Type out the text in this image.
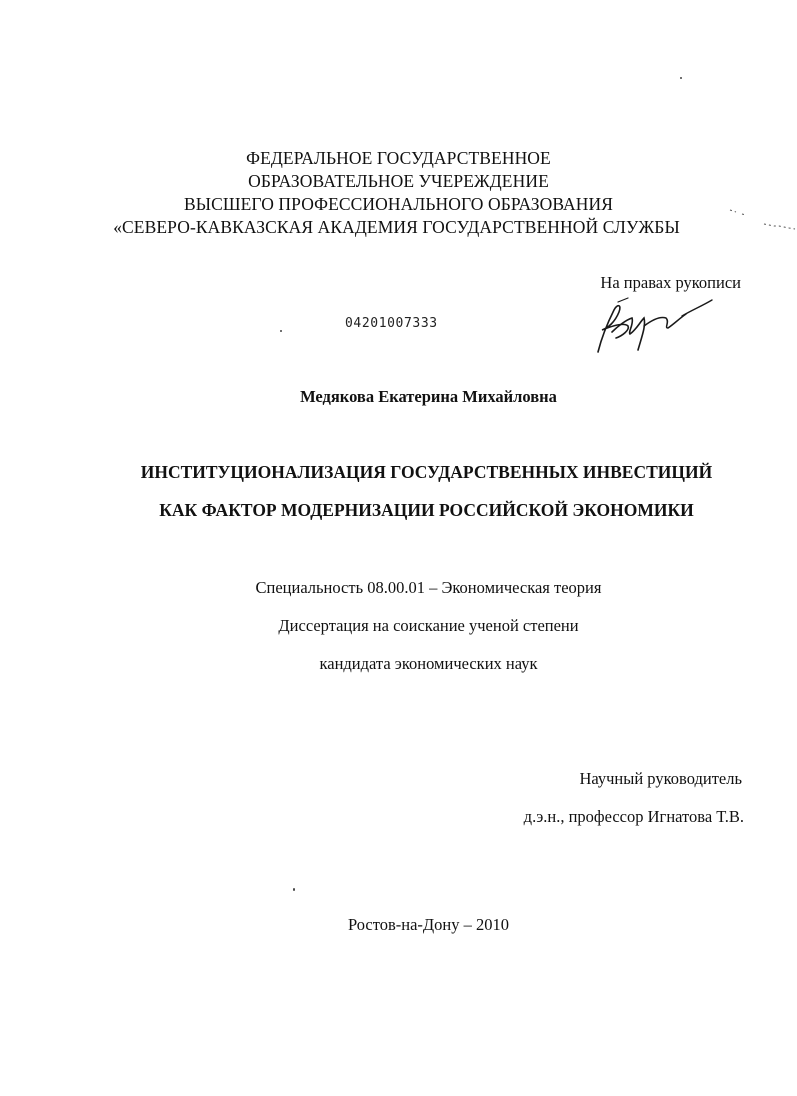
ФЕДЕРАЛЬНОЕ ГОСУДАРСТВЕННОЕ
ОБРАЗОВАТЕЛЬНОЕ УЧЕРЕЖДЕНИЕ
ВЫСШЕГО ПРОФЕССИОНАЛЬНОГО ОБРАЗОВАНИЯ
«СЕВЕРО-КАВКАЗСКАЯ АКАДЕМИЯ ГОСУДАРСТВЕННОЙ СЛУЖБЫ
На правах рукописи
04201007333
Медякова Екатерина Михайловна
ИНСТИТУЦИОНАЛИЗАЦИЯ ГОСУДАРСТВЕННЫХ ИНВЕСТИЦИЙ
КАК ФАКТОР МОДЕРНИЗАЦИИ РОССИЙСКОЙ ЭКОНОМИКИ
Специальность 08.00.01 – Экономическая теория
Диссертация на соискание ученой степени
кандидата экономических наук
Научный руководитель
д.э.н., профессор Игнатова Т.В.
Ростов-на-Дону – 2010
